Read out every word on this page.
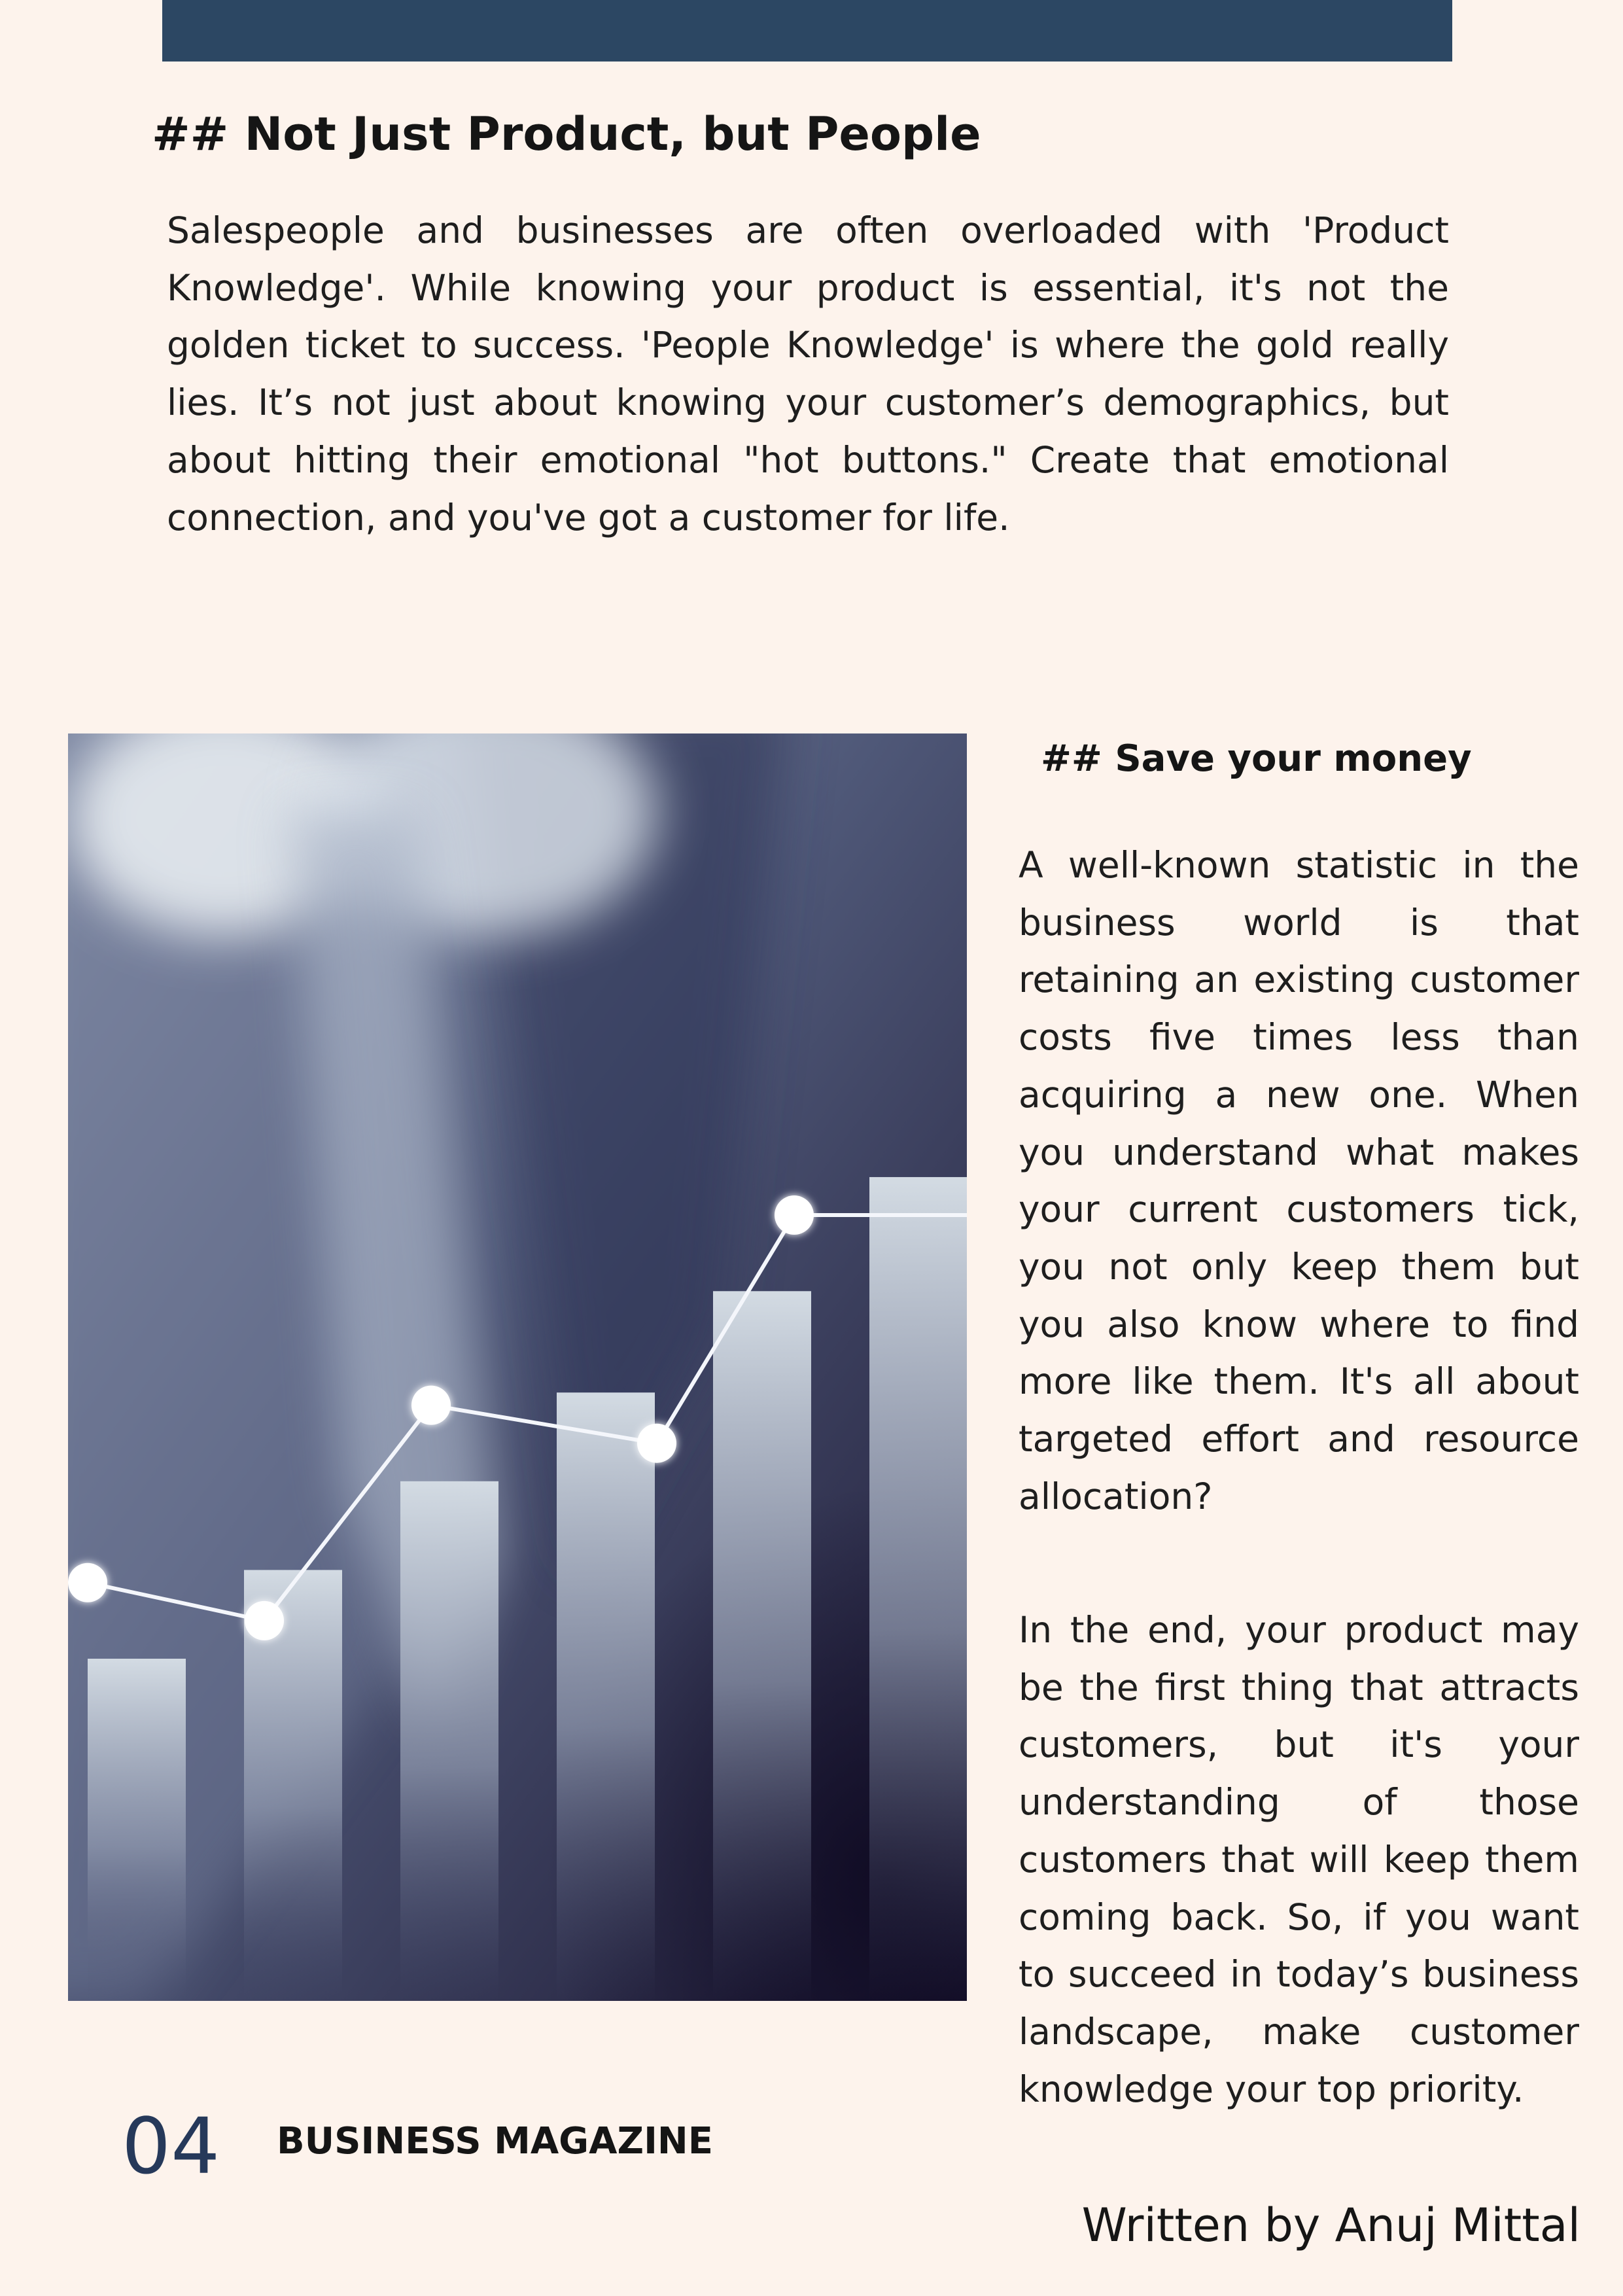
## Not Just Product, but People

Salespeople and businesses are often overloaded with 'Product Knowledge'. While knowing your product is essential, it's not the golden ticket to success. 'People Knowledge' is where the gold really lies. It’s not just about knowing your customer’s demographics, but about hitting their emotional "hot buttons." Create that emotional connection, and you've got a customer for life.

## Save your money

A well-known statistic in the business world is that retaining an existing customer costs five times less than acquiring a new one. When you understand what makes your current customers tick, you not only keep them but you also know where to find more like them. It's all about targeted effort and resource allocation?

In the end, your product may be the first thing that attracts customers, but it's your understanding of those customers that will keep them coming back. So, if you want to succeed in today’s business landscape, make customer knowledge your top priority.

04 BUSINESS MAGAZINE
Written by Anuj Mittal
